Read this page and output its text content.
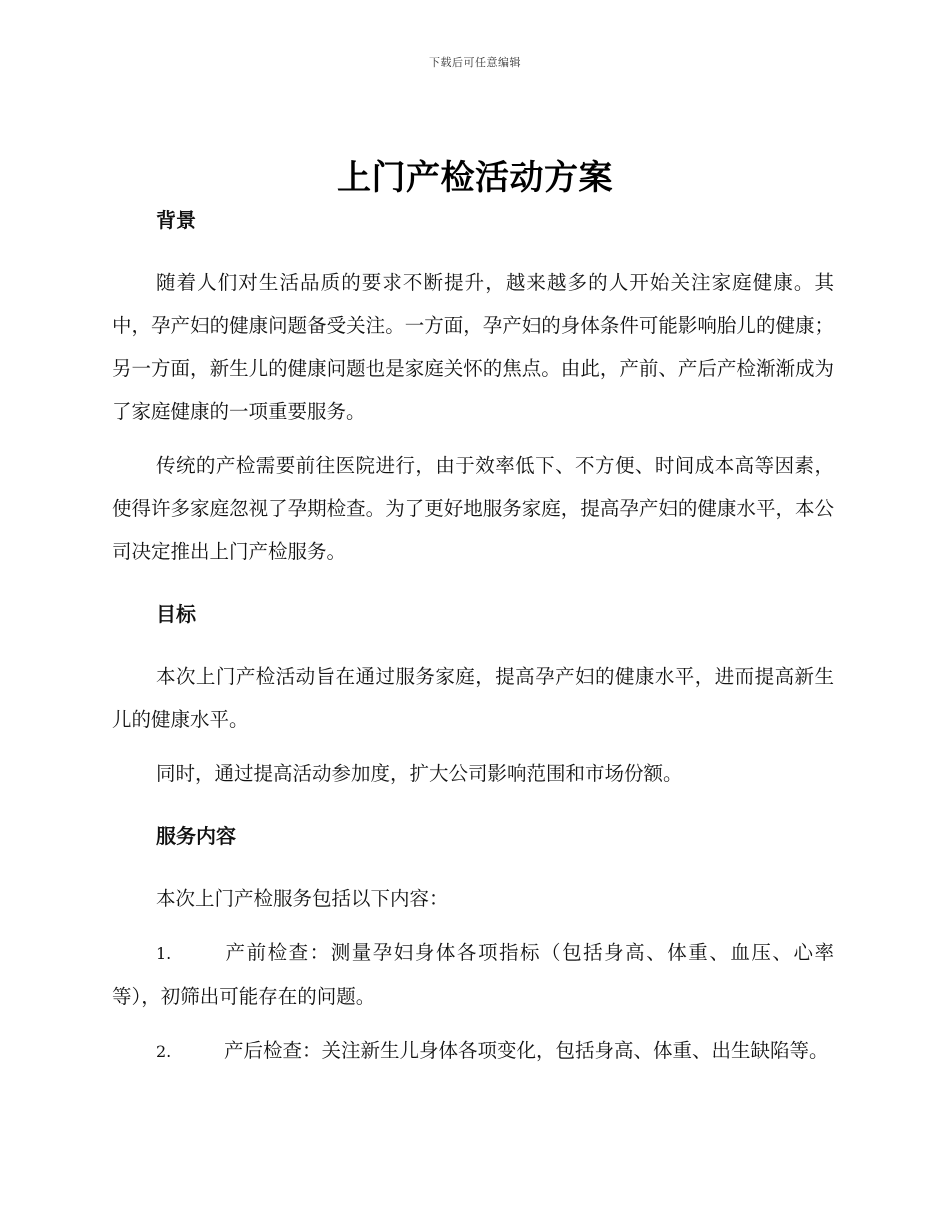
下载后可任意编辑
上门产检活动方案
背景

随着人们对生活品质的要求不断提升，越来越多的人开始关注家庭健康。其中，孕产妇的健康问题备受关注。一方面，孕产妇的身体条件可能影响胎儿的健康；另一方面，新生儿的健康问题也是家庭关怀的焦点。由此，产前、产后产检渐渐成为了家庭健康的一项重要服务。

传统的产检需要前往医院进行，由于效率低下、不方便、时间成本高等因素，使得许多家庭忽视了孕期检查。为了更好地服务家庭，提高孕产妇的健康水平，本公司决定推出上门产检服务。

目标

本次上门产检活动旨在通过服务家庭，提高孕产妇的健康水平，进而提高新生儿的健康水平。

同时，通过提高活动参加度，扩大公司影响范围和市场份额。

服务内容

本次上门产检服务包括以下内容：

1.	产前检查：测量孕妇身体各项指标（包括身高、体重、血压、心率等），初筛出可能存在的问题。

2.	产后检查：关注新生儿身体各项变化，包括身高、体重、出生缺陷等。
